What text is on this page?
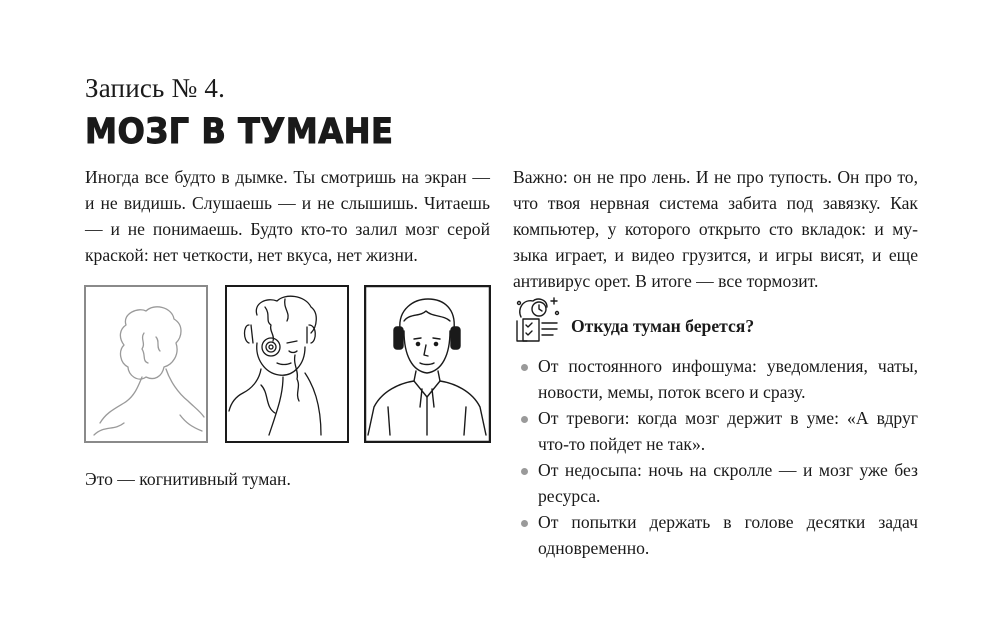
Запись № 4.
МОЗГ В ТУМАНЕ

Иногда все будто в дымке. Ты смотришь на экран — и не видишь. Слушаешь — и не слышишь. Читаешь — и не понимаешь. Будто кто-то залил мозг серой краской: нет четкости, нет вкуса, нет жизни.

Важно: он не про лень. И не про тупость. Он про то, что твоя нервная система забита под завязку. Как компьютер, у которого открыто сто вкладок: и музыка играет, и видео грузится, и игры висят, и еще антивирус орет. В итоге — все тормозит.

Это — когнитивный туман.
Откуда туман берется?
От постоянного инфошума: уведомления, чаты, новости, мемы, поток всего и сразу.
От тревоги: когда мозг держит в уме: «А вдруг что-то пойдет не так».
От недосыпа: ночь на скролле — и мозг уже без ресурса.
От попытки держать в голове десятки задач одновременно.
